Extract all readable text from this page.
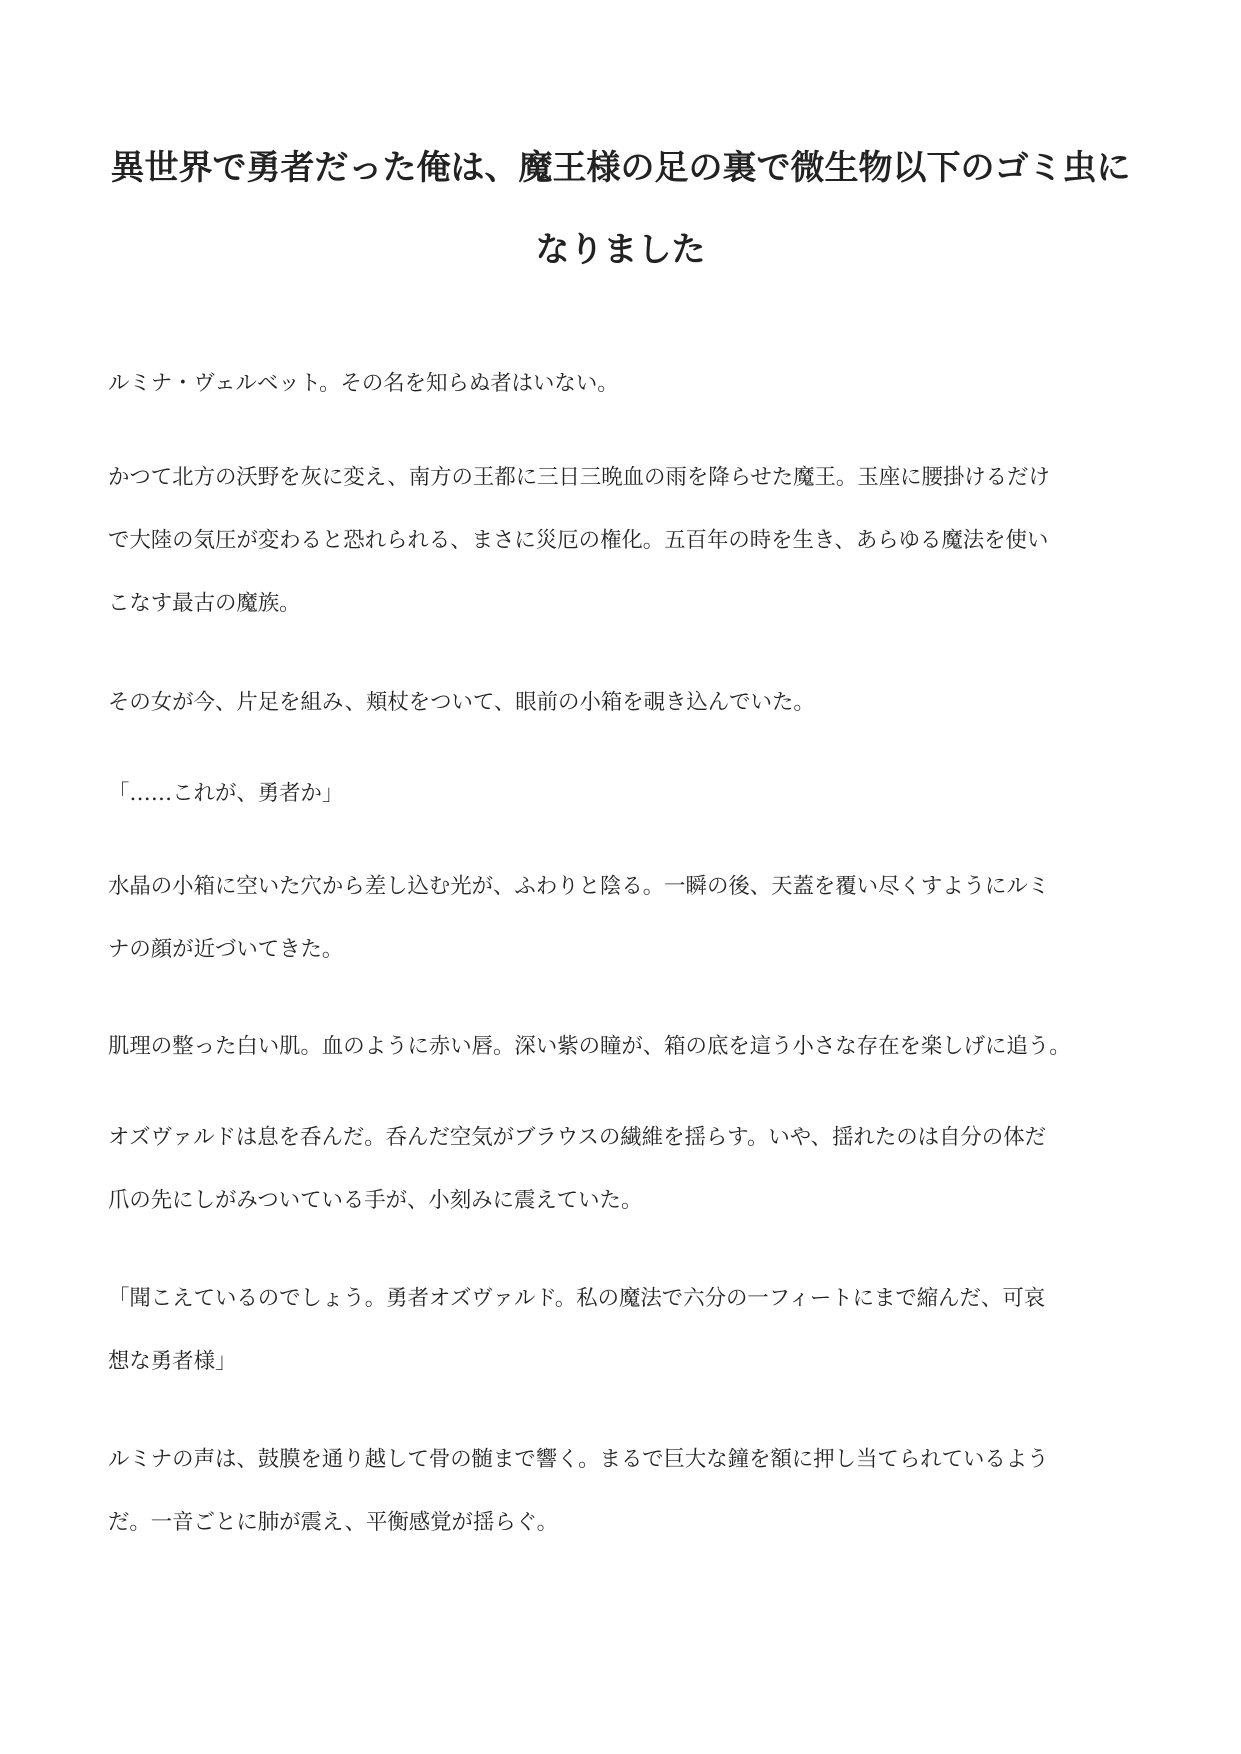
異世界で勇者だった俺は、魔王様の足の裏で微生物以下のゴミ虫に
なりました
ルミナ・ヴェルベット。その名を知らぬ者はいない。
かつて北方の沃野を灰に変え、南方の王都に三日三晩血の雨を降らせた魔王。玉座に腰掛けるだけ
で大陸の気圧が変わると恐れられる、まさに災厄の権化。五百年の時を生き、あらゆる魔法を使い
こなす最古の魔族。
その女が今、片足を組み、頬杖をついて、眼前の小箱を覗き込んでいた。
「……これが、勇者か」
水晶の小箱に空いた穴から差し込む光が、ふわりと陰る。一瞬の後、天蓋を覆い尽くすようにルミ
ナの顔が近づいてきた。
肌理の整った白い肌。血のように赤い唇。深い紫の瞳が、箱の底を這う小さな存在を楽しげに追う。
オズヴァルドは息を呑んだ。呑んだ空気がブラウスの繊維を揺らす。いや、揺れたのは自分の体だ
爪の先にしがみついている手が、小刻みに震えていた。
「聞こえているのでしょう。勇者オズヴァルド。私の魔法で六分の一フィートにまで縮んだ、可哀
想な勇者様」
ルミナの声は、鼓膜を通り越して骨の髄まで響く。まるで巨大な鐘を額に押し当てられているよう
だ。一音ごとに肺が震え、平衡感覚が揺らぐ。
